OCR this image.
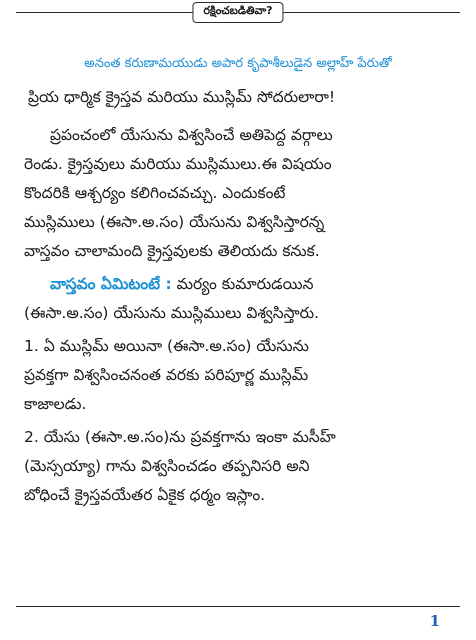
రక్షించబడితివా?
అనంత కరుణామయుడు అపార కృపాశీలుడైన అల్లాహ్ పేరుతో
ప్రియ ధార్మిక క్రైస్తవ మరియు ముస్లిమ్ సోదరులారా!
ప్రపంచంలో యేసును విశ్వసించే అతిపెద్ద వర్గాలు
రెండు. క్రైస్తవులు మరియు ముస్లిములు.ఈ విషయం
కొందరికి ఆశ్చర్యం కలిగించవచ్చు. ఎందుకంటే
ముస్లిములు (ఈసా.అ.సం) యేసును విశ్వసిస్తారన్న
వాస్తవం చాలామంది క్రైస్తవులకు తెలియదు కనుక.
వాస్తవం ఏమిటంటే : మర్యం కుమారుడయిన
(ఈసా.అ.సం) యేసును ముస్లిములు విశ్వసిస్తారు.
1. ఏ ముస్లిమ్ అయినా (ఈసా.అ.సం) యేసును
ప్రవక్తగా విశ్వసించనంత వరకు పరిపూర్ణ ముస్లిమ్
కాజాలడు.
2. యేసు (ఈసా.అ.సం)ను ప్రవక్తగాను ఇంకా మసీహ్
(మెస్సయ్యా) గాను విశ్వసించడం తప్పనిసరి అని
బోధించే క్రైస్తవయేతర ఏకైక ధర్మం ఇస్లాం.
1
